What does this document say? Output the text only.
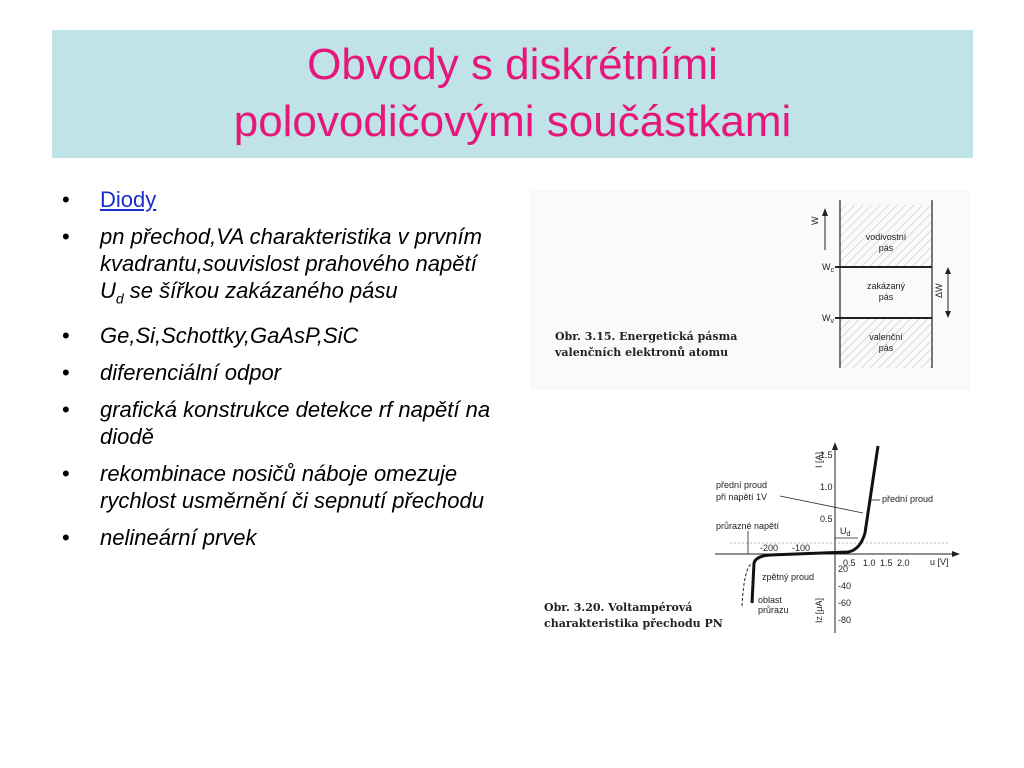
Obvody s diskrétními
polovodičovými součástkami
• Diody
• pn přechod,VA charakteristika v prvním kvadrantu,souvislost prahového napětí $U_d$ se šířkou zakázaného pásu
• Ge,Si,Schottky,GaAsP,SiC
• diferenciální odpor
• grafická konstrukce detekce rf napětí na diodě
• rekombinace nosičů náboje omezuje rychlost usměrnění či sepnutí přechodu
• nelineární prvek
W
$W_c$
$W_v$
vodivostní
pás
zakázaný
pás
valenční
pás
ΔW
Obr. 3.15. Energetická pásma
valenčních elektronů atomu
I [A]
IZ[μA]
u [V]
1.5
1.0
0.5
20
-40
-60
-80
0.5 1.0 1.5 2.0
-200 -100
přední proud
při napětí 1V	přední proud
průrazné napětí	$U_d$
zpětný proud
oblast
průrazu
Obr. 3.20. Voltampérová
charakteristika přechodu PN
